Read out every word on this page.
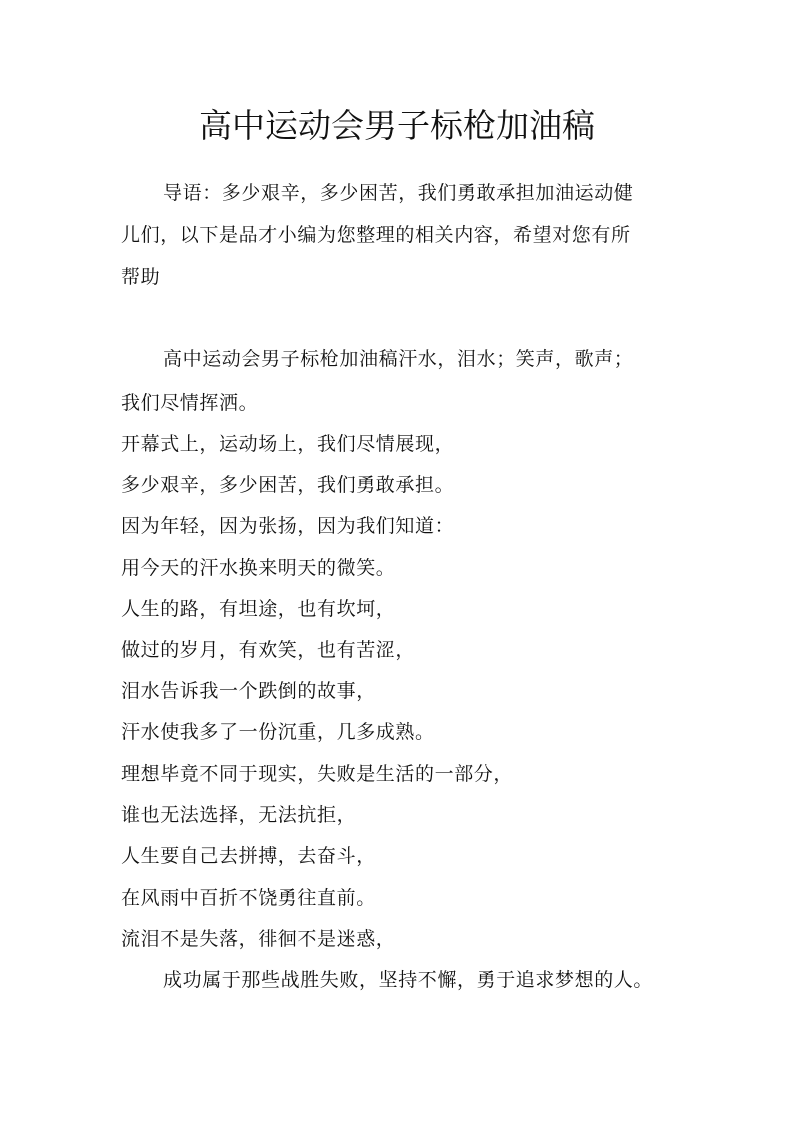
高中运动会男子标枪加油稿
导语：多少艰辛，多少困苦，我们勇敢承担加油运动健
儿们，以下是品才小编为您整理的相关内容，希望对您有所
帮助
高中运动会男子标枪加油稿汗水，泪水；笑声，歌声；
我们尽情挥洒。
开幕式上，运动场上，我们尽情展现，
多少艰辛，多少困苦，我们勇敢承担。
因为年轻，因为张扬，因为我们知道：
用今天的汗水换来明天的微笑。
人生的路，有坦途，也有坎坷，
做过的岁月，有欢笑，也有苦涩，
泪水告诉我一个跌倒的故事，
汗水使我多了一份沉重，几多成熟。
理想毕竟不同于现实，失败是生活的一部分，
谁也无法选择，无法抗拒，
人生要自己去拼搏，去奋斗，
在风雨中百折不饶勇往直前。
流泪不是失落，徘徊不是迷惑，
成功属于那些战胜失败，坚持不懈，勇于追求梦想的人。
